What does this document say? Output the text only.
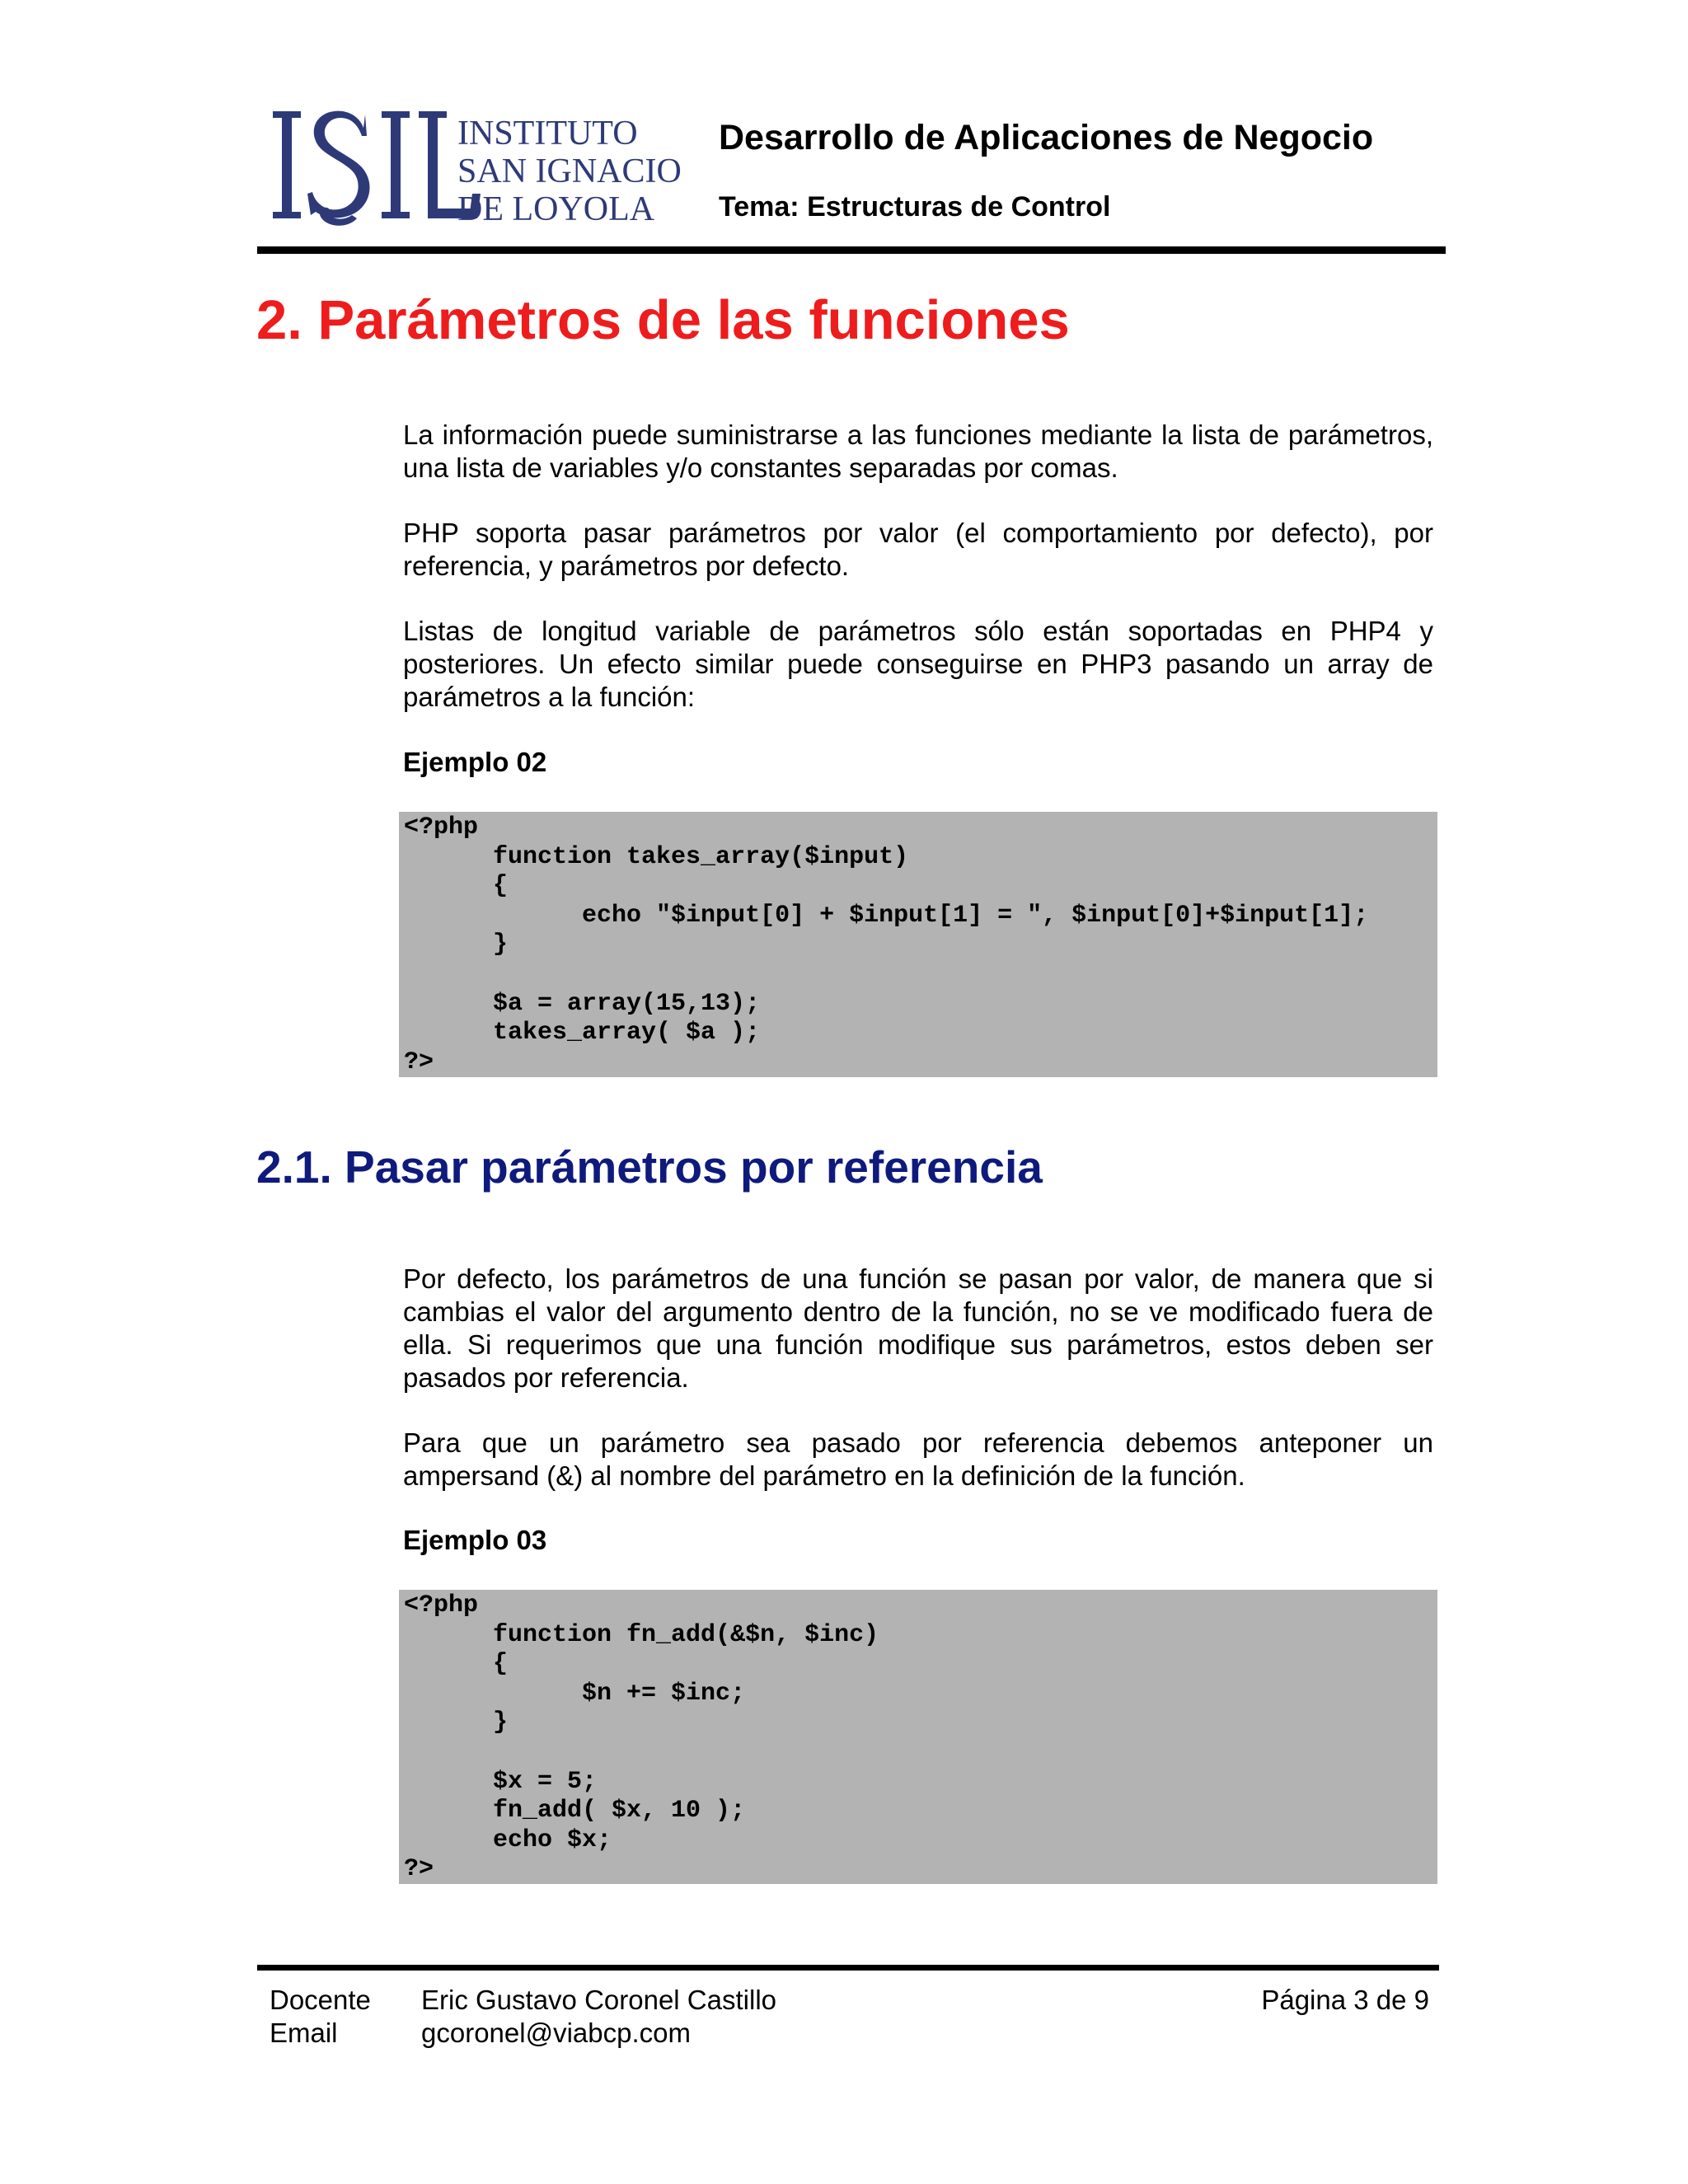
INSTITUTO
SAN IGNACIO
DE LOYOLA
Desarrollo de Aplicaciones de Negocio
Tema: Estructuras de Control
2. Parámetros de las funciones

La información puede suministrarse a las funciones mediante la lista de parámetros, una lista de variables y/o constantes separadas por comas.

PHP soporta pasar parámetros por valor (el comportamiento por defecto), por referencia, y parámetros por defecto.

Listas de longitud variable de parámetros sólo están soportadas en PHP4 y posteriores. Un efecto similar puede conseguirse en PHP3 pasando un array de parámetros a la función:

Ejemplo 02
<?php
function takes_array($input)
{
echo "$input[0] + $input[1] = ", $input[0]+$input[1];
}
$a = array(15,13);
takes_array( $a );
?>
2.1. Pasar parámetros por referencia

Por defecto, los parámetros de una función se pasan por valor, de manera que si cambias el valor del argumento dentro de la función, no se ve modificado fuera de ella. Si requerimos que una función modifique sus parámetros, estos deben ser pasados por referencia.

Para que un parámetro sea pasado por referencia debemos anteponer un ampersand (&) al nombre del parámetro en la definición de la función.

Ejemplo 03
<?php
function fn_add(&$n, $inc)
{
$n += $inc;
}
$x = 5;
fn_add( $x, 10 );
echo $x;
?>
Docente
Email
Eric Gustavo Coronel Castillo
gcoronel@viabcp.com
Página 3 de 9
